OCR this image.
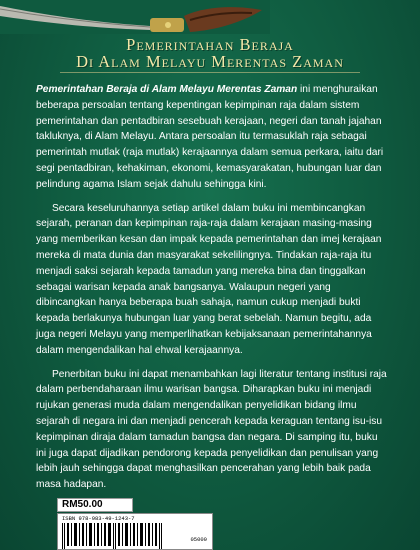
Pemerintahan Beraja
Di Alam Melayu Merentas Zaman

Pemerintahan Beraja di Alam Melayu Merentas Zaman ini menghuraikan beberapa persoalan tentang kepentingan kepimpinan raja dalam sistem pemerintahan dan pentadbiran sesebuah kerajaan, negeri dan tanah jajahan takluknya, di Alam Melayu. Antara persoalan itu termasuklah raja sebagai pemerintah mutlak (raja mutlak) kerajaannya dalam semua perkara, iaitu dari segi pentadbiran, kehakiman, ekonomi, kemasyarakatan, hubungan luar dan pelindung agama Islam sejak dahulu sehingga kini.

Secara keseluruhannya setiap artikel dalam buku ini membincangkan sejarah, peranan dan kepimpinan raja-raja dalam kerajaan masing-masing yang memberikan kesan dan impak kepada pemerintahan dan imej kerajaan mereka di mata dunia dan masyarakat sekelilingnya. Tindakan raja-raja itu menjadi saksi sejarah kepada tamadun yang mereka bina dan tinggalkan sebagai warisan kepada anak bangsanya. Walaupun negeri yang dibincangkan hanya beberapa buah sahaja, namun cukup menjadi bukti kepada berlakunya hubungan luar yang berat sebelah. Namun begitu, ada juga negeri Melayu yang memperlihatkan kebijaksanaan pemerintahannya dalam mengendalikan hal ehwal kerajaannya.

Penerbitan buku ini dapat menambahkan lagi literatur tentang institusi raja dalam perbendaharaan ilmu warisan bangsa. Diharapkan buku ini menjadi rujukan generasi muda dalam mengendalikan penyelidikan bidang ilmu sejarah di negara ini dan menjadi pencerah kepada keraguan tentang isu-isu kepimpinan diraja dalam tamadun bangsa dan negara. Di samping itu, buku ini juga dapat dijadikan pendorong kepada penyelidikan dan penulisan yang lebih jauh sehingga dapat menghasilkan pencerahan yang lebih baik pada masa hadapan.

RM50.00
ISBN 978-983-49-1243-7
05000
